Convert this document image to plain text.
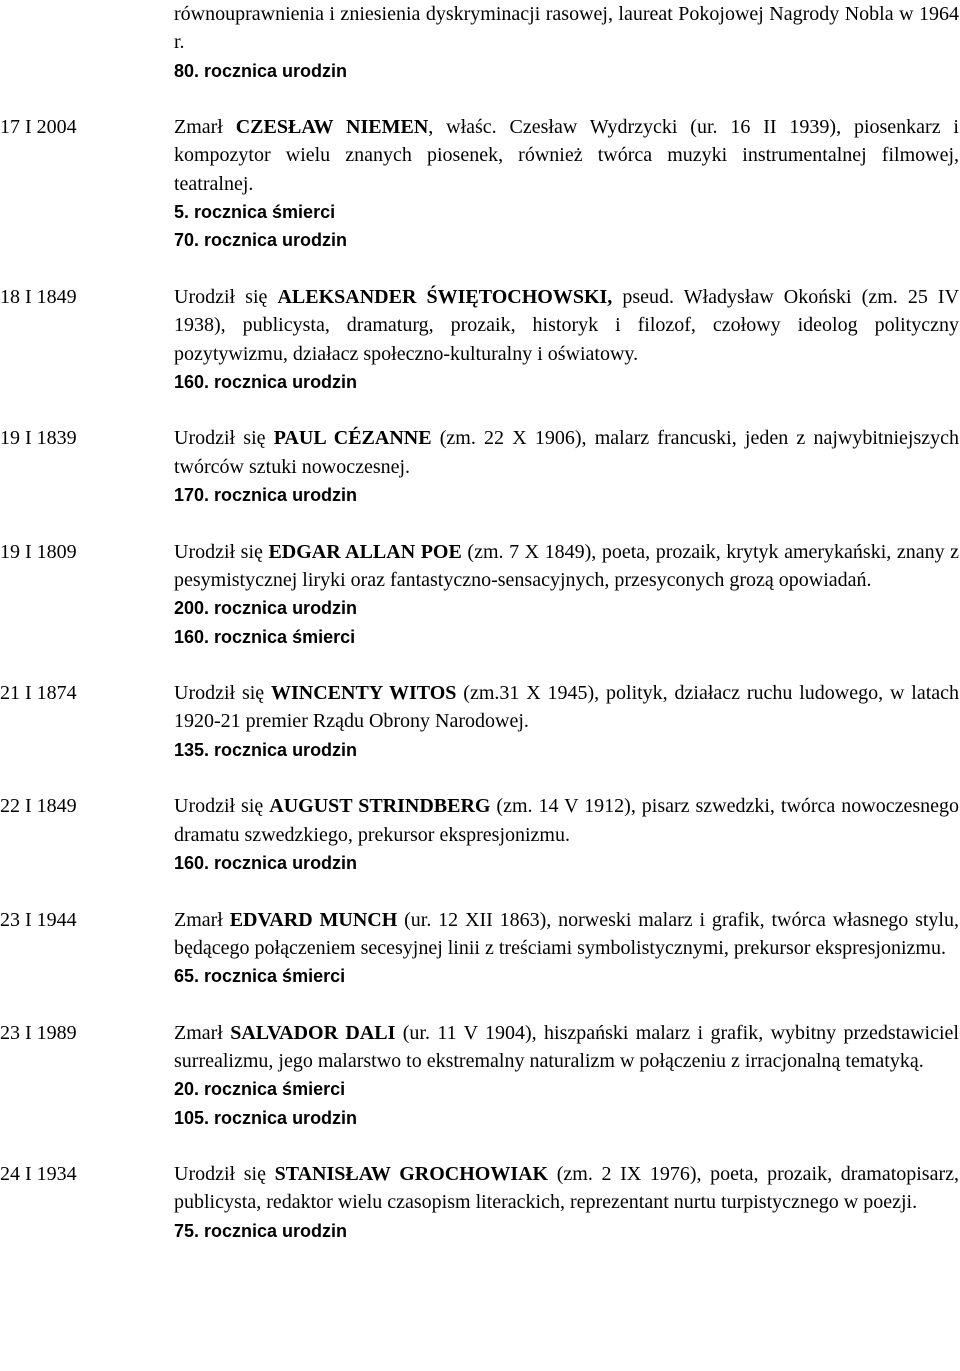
równouprawnienia i zniesienia dyskryminacji rasowej, laureat Pokojowej Nagrody Nobla w 1964 r.

80. rocznica urodzin
17 I 2004	Zmarł CZESŁAW NIEMEN, właśc. Czesław Wydrzycki (ur. 16 II 1939), piosenkarz i kompozytor wielu znanych piosenek, również twórca muzyki instrumentalnej filmowej, teatralnej.

5. rocznica śmierci
70. rocznica urodzin
18 I 1849	Urodził się ALEKSANDER ŚWIĘTOCHOWSKI, pseud. Władysław Okoński (zm. 25 IV 1938), publicysta, dramaturg, prozaik, historyk i filozof, czołowy ideolog polityczny pozytywizmu, działacz społeczno-kulturalny i oświatowy.

160. rocznica urodzin
19 I 1839	Urodził się PAUL CÉZANNE (zm. 22 X 1906), malarz francuski, jeden z najwybitniejszych twórców sztuki nowoczesnej.

170. rocznica urodzin
19 I 1809	Urodził się EDGAR ALLAN POE (zm. 7 X 1849), poeta, prozaik, krytyk amerykański, znany z pesymistycznej liryki oraz fantastyczno-sensacyjnych, przesyconych grozą opowiadań.

200. rocznica urodzin
160. rocznica śmierci
21 I 1874	Urodził się WINCENTY WITOS (zm.31 X 1945), polityk, działacz ruchu ludowego, w latach 1920-21 premier Rządu Obrony Narodowej.

135. rocznica urodzin
22 I 1849	Urodził się AUGUST STRINDBERG (zm. 14 V 1912), pisarz szwedzki, twórca nowoczesnego dramatu szwedzkiego, prekursor ekspresjonizmu.

160. rocznica urodzin
23 I 1944	Zmarł EDVARD MUNCH (ur. 12 XII 1863), norweski malarz i grafik, twórca własnego stylu, będącego połączeniem secesyjnej linii z treściami symbolistycznymi, prekursor ekspresjonizmu.

65. rocznica śmierci
23 I 1989	Zmarł SALVADOR DALI (ur. 11 V 1904), hiszpański malarz i grafik, wybitny przedstawiciel surrealizmu, jego malarstwo to ekstremalny naturalizm w połączeniu z irracjonalną tematyką.

20. rocznica śmierci
105. rocznica urodzin
24 I 1934	Urodził się STANISŁAW GROCHOWIAK (zm. 2 IX 1976), poeta, prozaik, dramatopisarz, publicysta, redaktor wielu czasopism literackich, reprezentant nurtu turpistycznego w poezji.

75. rocznica urodzin
